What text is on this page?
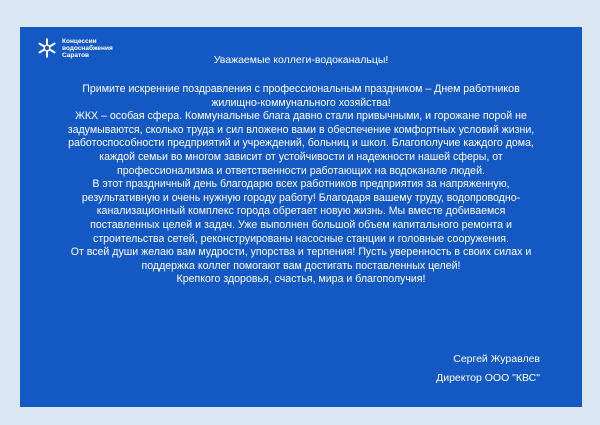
Концессии
водоснабжения
Саратов	Уважаемые коллеги-водоканальцы!

Примите искренние поздравления с профессиональным праздником – Днем работников жилищно-коммунального хозяйства!

ЖКХ – особая сфера. Коммунальные блага давно стали привычными, и горожане порой не задумываются, сколько труда и сил вложено вами в обеспечение комфортных условий жизни, работоспособности предприятий и учреждений, больниц и школ. Благополучие каждого дома, каждой семьи во многом зависит от устойчивости и надежности нашей сферы, от профессионализма и ответственности работающих на водоканале людей.

В этот праздничный день благодарю всех работников предприятия за напряженную, результативную и очень нужную городу работу! Благодаря вашему труду, водопроводно-канализационный комплекс города обретает новую жизнь. Мы вместе добиваемся поставленных целей и задач. Уже выполнен большой объем капитального ремонта и строительства сетей, реконструированы насосные станции и головные сооружения.

От всей души желаю вам мудрости, упорства и терпения! Пусть уверенность в своих силах и поддержка коллег помогают вам достигать поставленных целей!

Крепкого здоровья, счастья, мира и благополучия!

Сергей Журавлев
Директор ООО "КВС"
